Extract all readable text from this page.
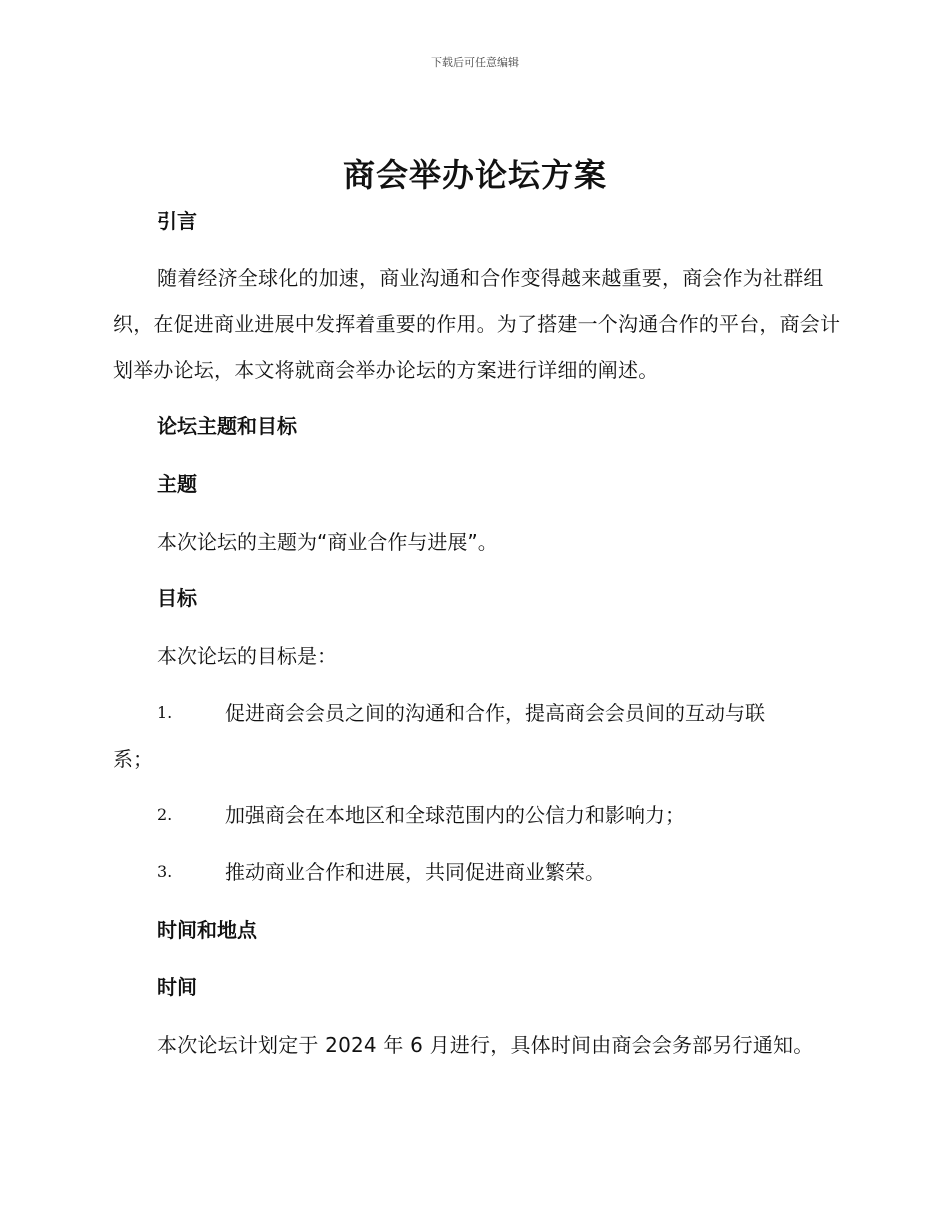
下载后可任意编辑
商会举办论坛方案
引言
随着经济全球化的加速，商业沟通和合作变得越来越重要，商会作为社群组织，在促进商业进展中发挥着重要的作用。为了搭建一个沟通合作的平台，商会计划举办论坛，本文将就商会举办论坛的方案进行详细的阐述。
论坛主题和目标
主题
本次论坛的主题为“商业合作与进展”。
目标
本次论坛的目标是：
1.	促进商会会员之间的沟通和合作，提高商会会员间的互动与联
系；
2.	加强商会在本地区和全球范围内的公信力和影响力；
3.	推动商业合作和进展，共同促进商业繁荣。
时间和地点
时间
本次论坛计划定于 2024 年 6 月进行，具体时间由商会会务部另行通知。
